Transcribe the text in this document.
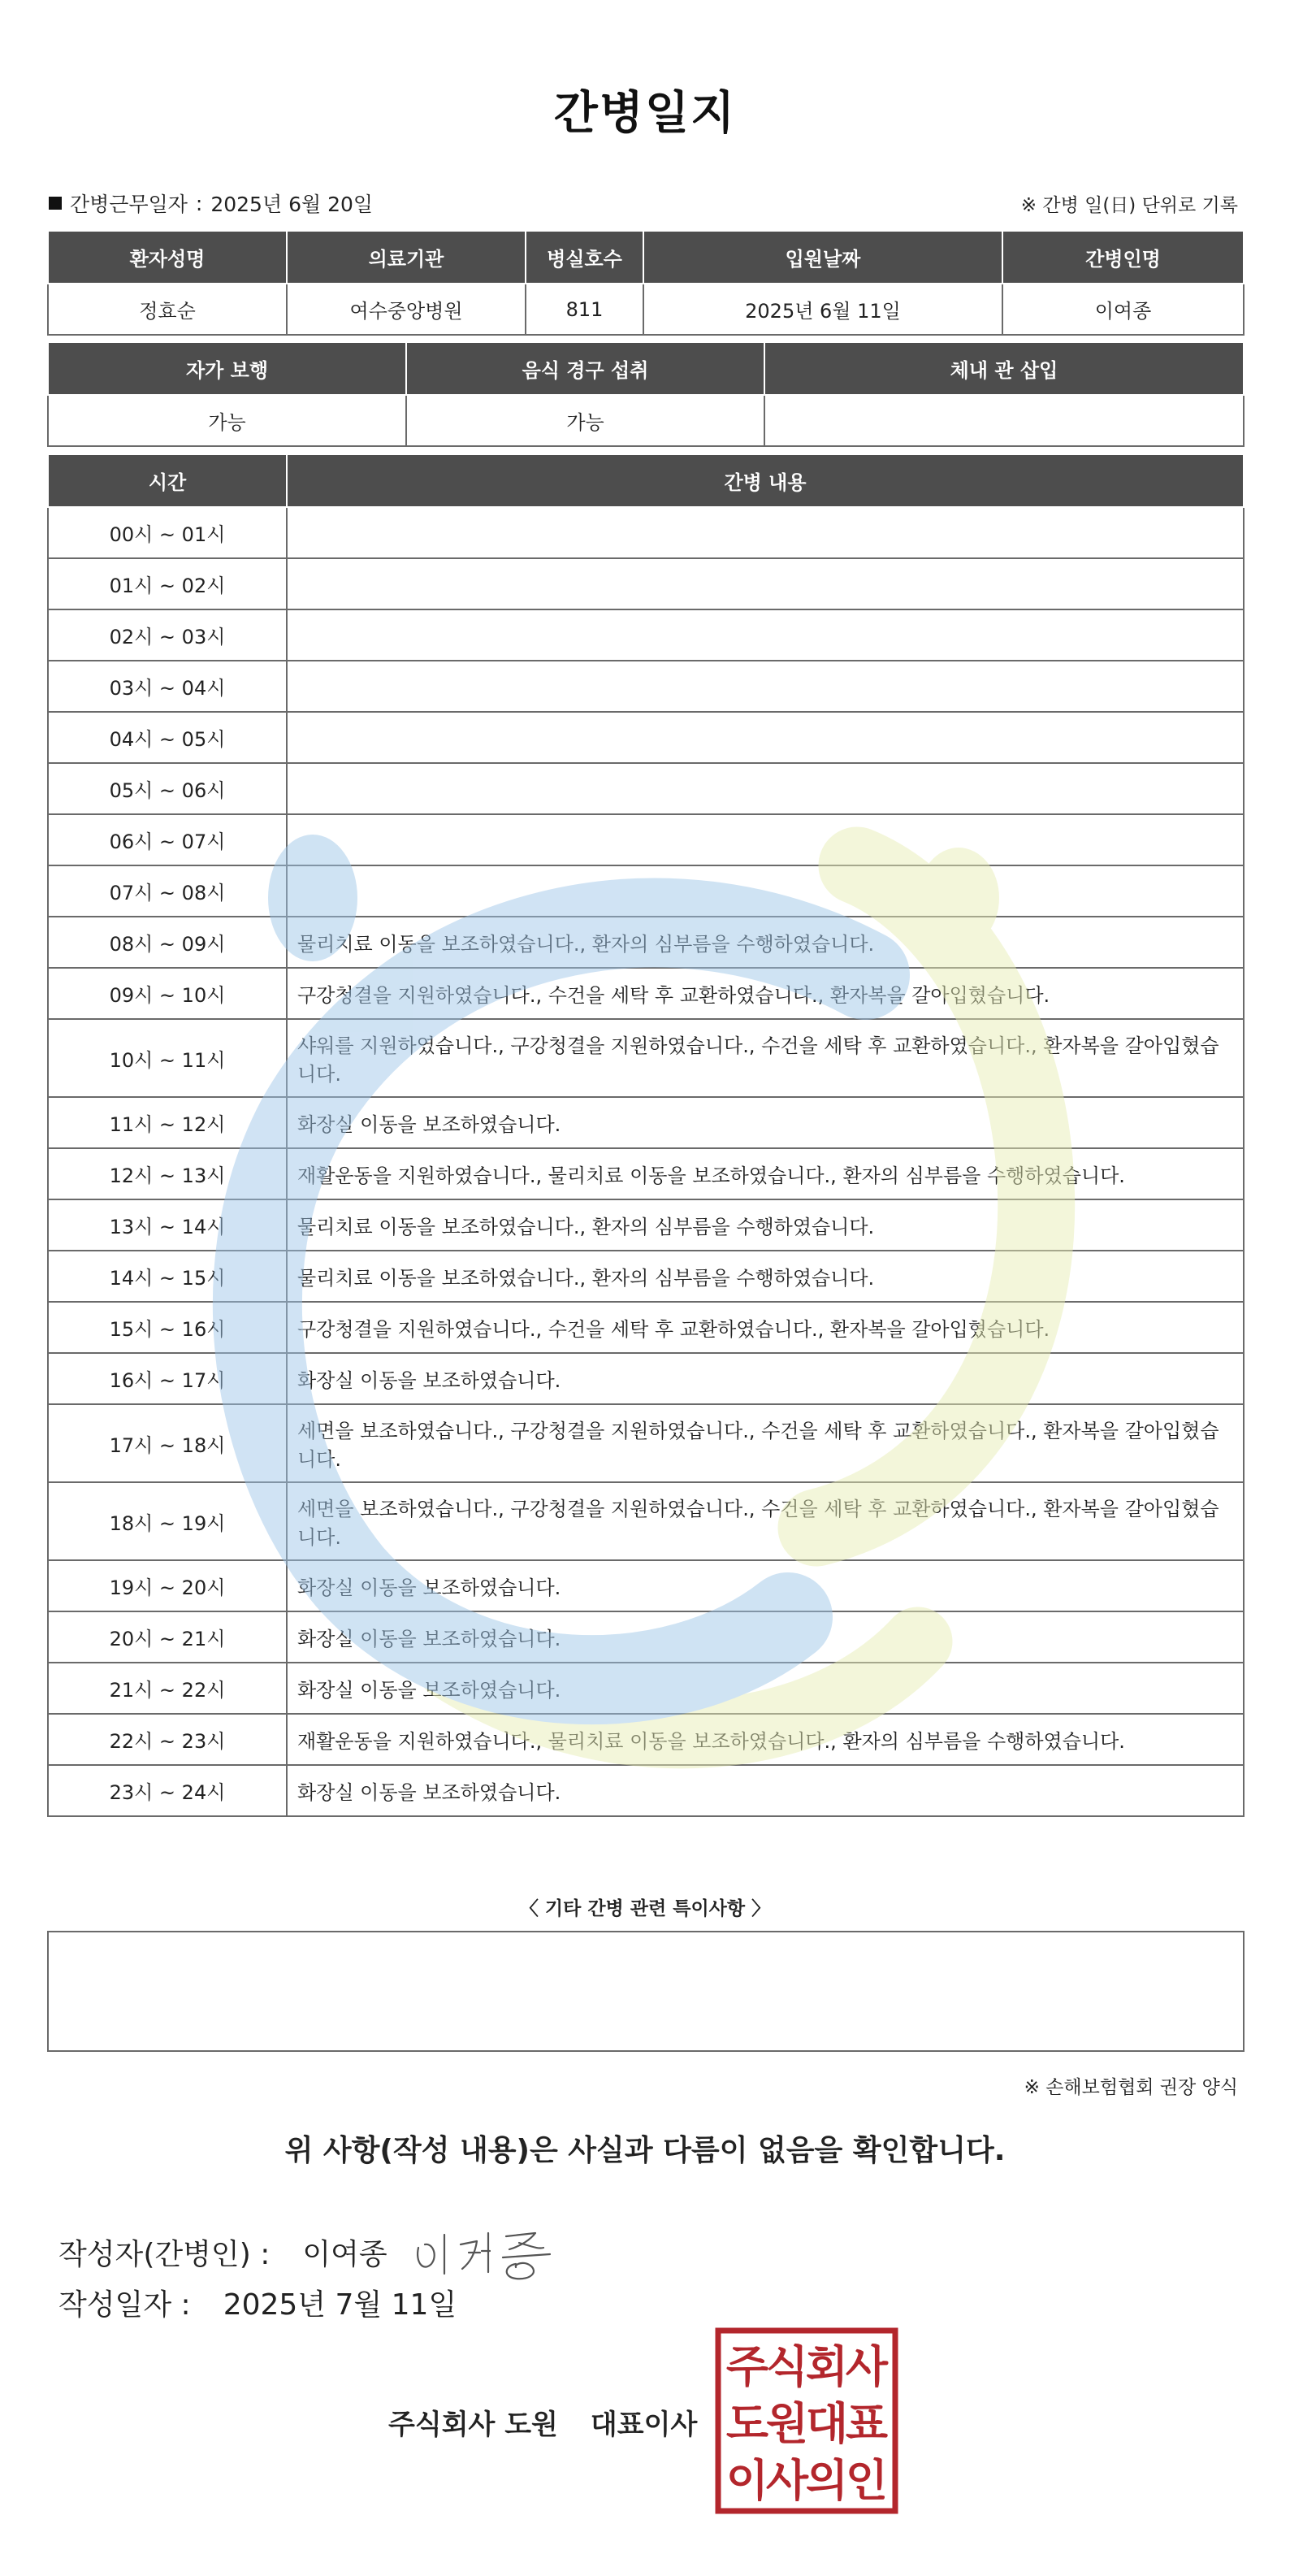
간병일지
간병근무일자 : 2025년 6월 20일	※ 간병 일(日) 단위로 기록
환자성명	의료기관	병실호수	입원날짜	간병인명
정효순	여수중앙병원	811	2025년 6월 11일	이여종
자가 보행	음식 경구 섭취	체내 관 삽입
가능	가능	
시간	간병 내용
00시 ~ 01시	
01시 ~ 02시	
02시 ~ 03시	
03시 ~ 04시	
04시 ~ 05시	
05시 ~ 06시	
06시 ~ 07시	
07시 ~ 08시	
08시 ~ 09시	물리치료 이동을 보조하였습니다., 환자의 심부름을 수행하였습니다.
09시 ~ 10시	구강청결을 지원하였습니다., 수건을 세탁 후 교환하였습니다., 환자복을 갈아입혔습니다.
10시 ~ 11시	샤워를 지원하였습니다., 구강청결을 지원하였습니다., 수건을 세탁 후 교환하였습니다., 환자복을 갈아입혔습니다.
11시 ~ 12시	화장실 이동을 보조하였습니다.
12시 ~ 13시	재활운동을 지원하였습니다., 물리치료 이동을 보조하였습니다., 환자의 심부름을 수행하였습니다.
13시 ~ 14시	물리치료 이동을 보조하였습니다., 환자의 심부름을 수행하였습니다.
14시 ~ 15시	물리치료 이동을 보조하였습니다., 환자의 심부름을 수행하였습니다.
15시 ~ 16시	구강청결을 지원하였습니다., 수건을 세탁 후 교환하였습니다., 환자복을 갈아입혔습니다.
16시 ~ 17시	화장실 이동을 보조하였습니다.
17시 ~ 18시	세면을 보조하였습니다., 구강청결을 지원하였습니다., 수건을 세탁 후 교환하였습니다., 환자복을 갈아입혔습니다.
18시 ~ 19시	세면을 보조하였습니다., 구강청결을 지원하였습니다., 수건을 세탁 후 교환하였습니다., 환자복을 갈아입혔습니다.
19시 ~ 20시	화장실 이동을 보조하였습니다.
20시 ~ 21시	화장실 이동을 보조하였습니다.
21시 ~ 22시	화장실 이동을 보조하였습니다.
22시 ~ 23시	재활운동을 지원하였습니다., 물리치료 이동을 보조하였습니다., 환자의 심부름을 수행하였습니다.
23시 ~ 24시	화장실 이동을 보조하였습니다.
〈 기타 간병 관련 특이사항 〉
※ 손해보험협회 권장 양식
위 사항(작성 내용)은 사실과 다름이 없음을 확인합니다.
작성자(간병인) : 이여종
작성일자 : 2025년 7월 11일
주식회사 도원 대표이사
주
식
회
사
도
원
대
표
이
사
의
인
